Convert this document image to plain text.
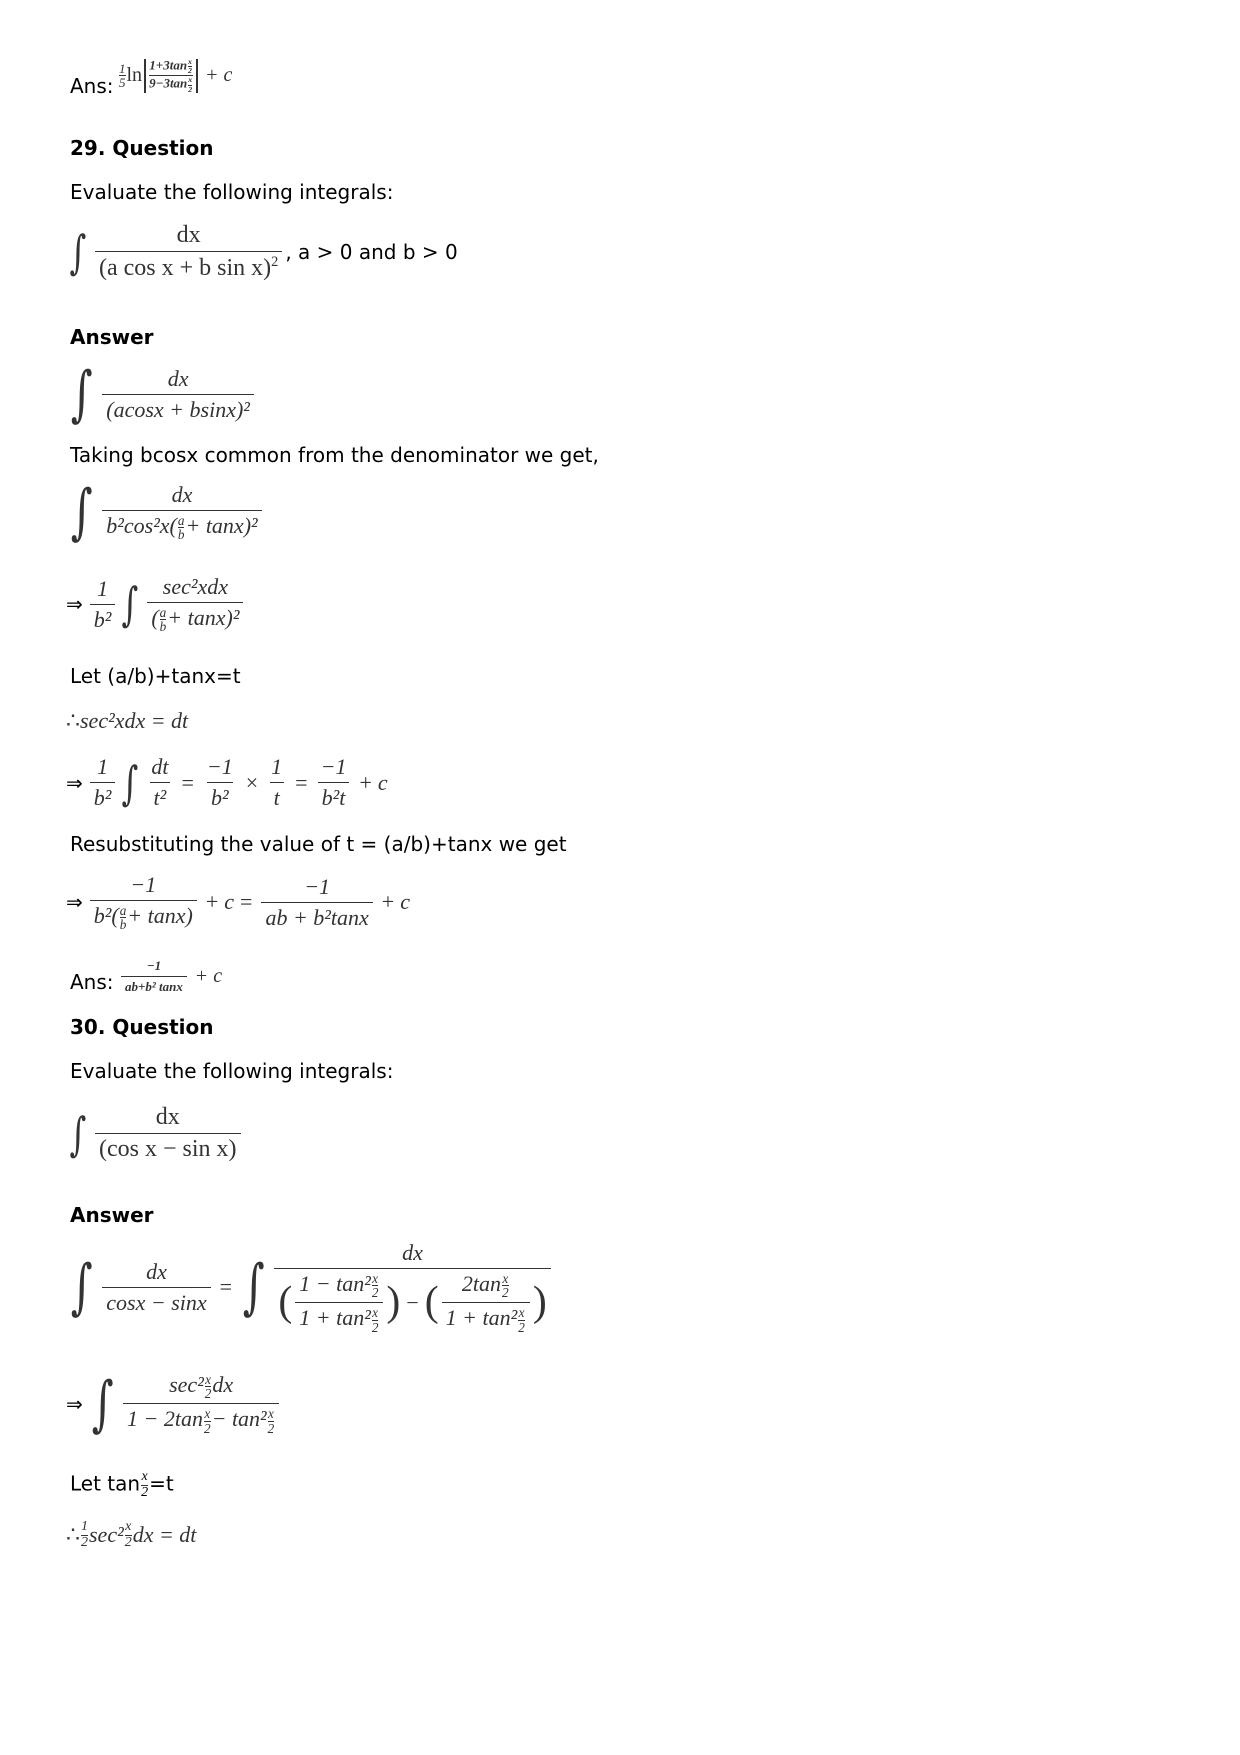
Ans:
1
5 $\ln 1+3\tan \frac{x}{2}$
$9-3\tan \frac{x}{2} + c$
29. Question
Evaluate the following integrals:
∫ $\frac{dx}{(a \cos x + b \sin x)^2}$ , a > 0 and b > 0
Answer
∫ $\frac{dx}{\text{(acosx + bsinx)²}}$
Taking bcosx common from the denominator we get,
∫ $\frac{dx}{b^2\cos^2x( \frac{a}{b} + \tan x)^2}$
⇒ $\frac{1}{\text{b²}}$ ∫ $\frac{\text{sec²xdx}}{( \frac{a}{b} + \tan x)^2}$
Let (a/b)+tanx=t
∴ sec²xdx = dt
⇒ $\frac{1}{\text{b²}}$ ∫ $\frac{dt}{\text{t²}} = \frac{-1}{\text{b²}} \times \frac{1}{t} = \frac{-1}{\text{b²t}} + c$
Resubstituting the value of t = (a/b)+tanx we get
⇒ $\frac{-1}{b^2( \frac{a}{b} + \tan x)} + c = \frac{-1}{\text{ab + b²tanx}} + c$
Ans: $\frac{-1}{\text{ab+b² tanx}} + c$
30. Question
Evaluate the following integrals:
∫ $\frac{dx}{\text{(cos x − sin x)}}$
Answer
∫ $\frac{dx}{\cos x - \sin x}$ = ∫	dx
( $\frac{1 - \tan^2 \frac{x}{2}}{1 + \tan^2 \frac{x}{2}}$ ) − ( $\frac{2\tan \frac{x}{2}}{1 + \tan^2 \frac{x}{2}}$ )
⇒ ∫ $\frac{\sec^2 \frac{x}{2} dx}{1 - 2\tan \frac{x}{2} - \tan^2 \frac{x}{2}}$
Let $\tan \frac{x}{2} =t$
∴ 1
2 sec² x
2 dx = dt
